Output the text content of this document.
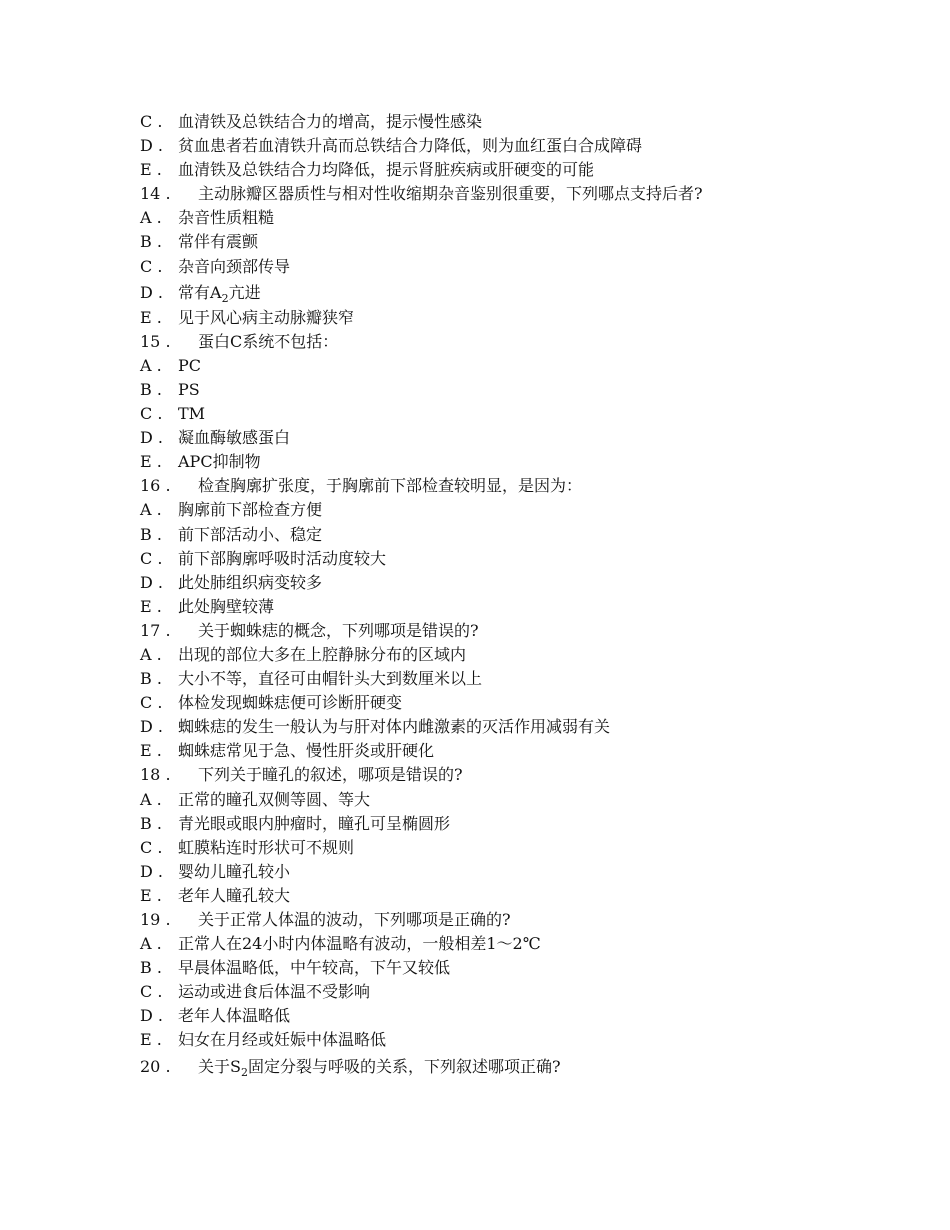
C . 血清铁及总铁结合力的增高，提示慢性感染
D . 贫血患者若血清铁升高而总铁结合力降低，则为血红蛋白合成障碍
E . 血清铁及总铁结合力均降低，提示肾脏疾病或肝硬变的可能
14 . 主动脉瓣区器质性与相对性收缩期杂音鉴别很重要，下列哪点支持后者?
A . 杂音性质粗糙
B . 常伴有震颤
C . 杂音向颈部传导
D . 常有$A_2$亢进
E . 见于风心病主动脉瓣狭窄
15 . 蛋白C系统不包括：
A . PC
B . PS
C . TM
D . 凝血酶敏感蛋白
E . APC抑制物
16 . 检查胸廓扩张度，于胸廓前下部检查较明显，是因为：
A . 胸廓前下部检查方便
B . 前下部活动小、稳定
C . 前下部胸廓呼吸时活动度较大
D . 此处肺组织病变较多
E . 此处胸壁较薄
17 . 关于蜘蛛痣的概念，下列哪项是错误的?
A . 出现的部位大多在上腔静脉分布的区域内
B . 大小不等，直径可由帽针头大到数厘米以上
C . 体检发现蜘蛛痣便可诊断肝硬变
D . 蜘蛛痣的发生一般认为与肝对体内雌激素的灭活作用减弱有关
E . 蜘蛛痣常见于急、慢性肝炎或肝硬化
18 . 下列关于瞳孔的叙述，哪项是错误的?
A . 正常的瞳孔双侧等圆、等大
B . 青光眼或眼内肿瘤时，瞳孔可呈椭圆形
C . 虹膜粘连时形状可不规则
D . 婴幼儿瞳孔较小
E . 老年人瞳孔较大
19 . 关于正常人体温的波动，下列哪项是正确的?
A . 正常人在24小时内体温略有波动，一般相差1～2℃
B . 早晨体温略低，中午较高，下午又较低
C . 运动或进食后体温不受影响
D . 老年人体温略低
E . 妇女在月经或妊娠中体温略低
20 . 关于$S_2$固定分裂与呼吸的关系，下列叙述哪项正确?
